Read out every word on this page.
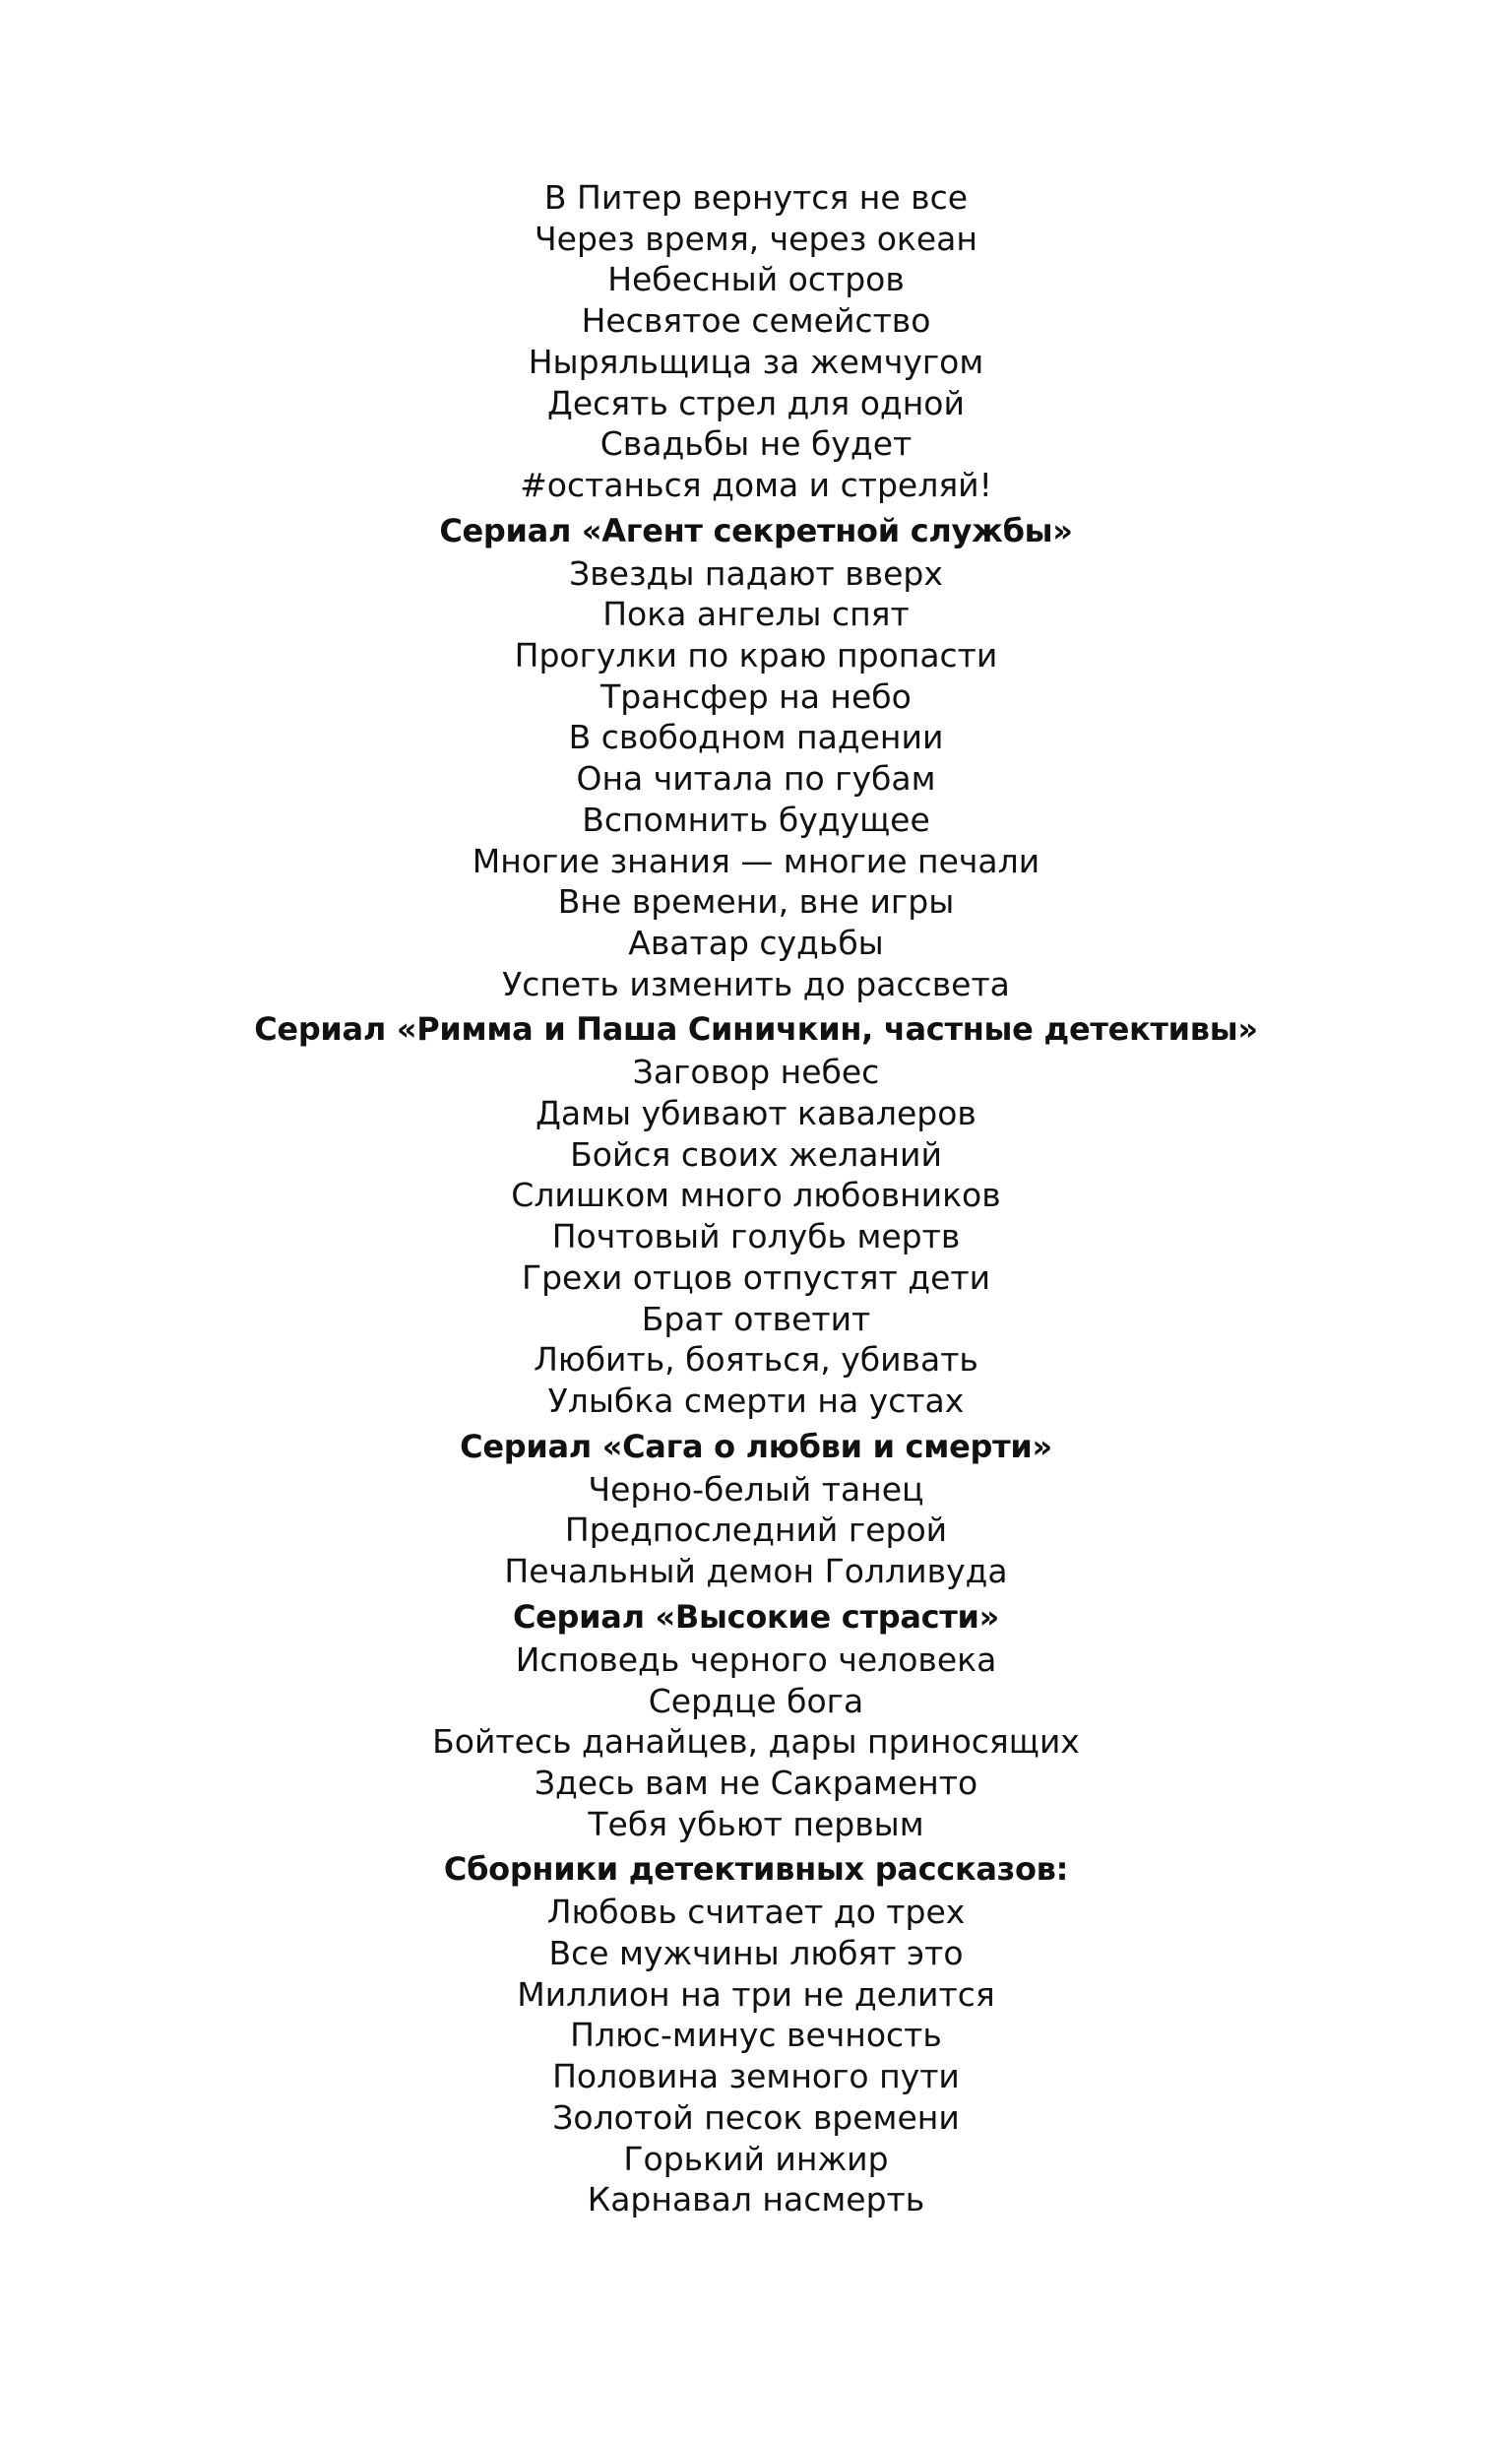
В Питер вернутся не все
Через время, через океан
Небесный остров
Несвятое семейство
Ныряльщица за жемчугом
Десять стрел для одной
Свадьбы не будет
#останься дома и стреляй!
Сериал «Агент секретной службы»
Звезды падают вверх
Пока ангелы спят
Прогулки по краю пропасти
Трансфер на небо
В свободном падении
Она читала по губам
Вспомнить будущее
Многие знания — многие печали
Вне времени, вне игры
Аватар судьбы
Успеть изменить до рассвета
Сериал «Римма и Паша Синичкин, частные детективы»
Заговор небес
Дамы убивают кавалеров
Бойся своих желаний
Слишком много любовников
Почтовый голубь мертв
Грехи отцов отпустят дети
Брат ответит
Любить, бояться, убивать
Улыбка смерти на устах
Сериал «Сага о любви и смерти»
Черно-белый танец
Предпоследний герой
Печальный демон Голливуда
Сериал «Высокие страсти»
Исповедь черного человека
Сердце бога
Бойтесь данайцев, дары приносящих
Здесь вам не Сакраменто
Тебя убьют первым
Сборники детективных рассказов:
Любовь считает до трех
Все мужчины любят это
Миллион на три не делится
Плюс-минус вечность
Половина земного пути
Золотой песок времени
Горький инжир
Карнавал насмерть
